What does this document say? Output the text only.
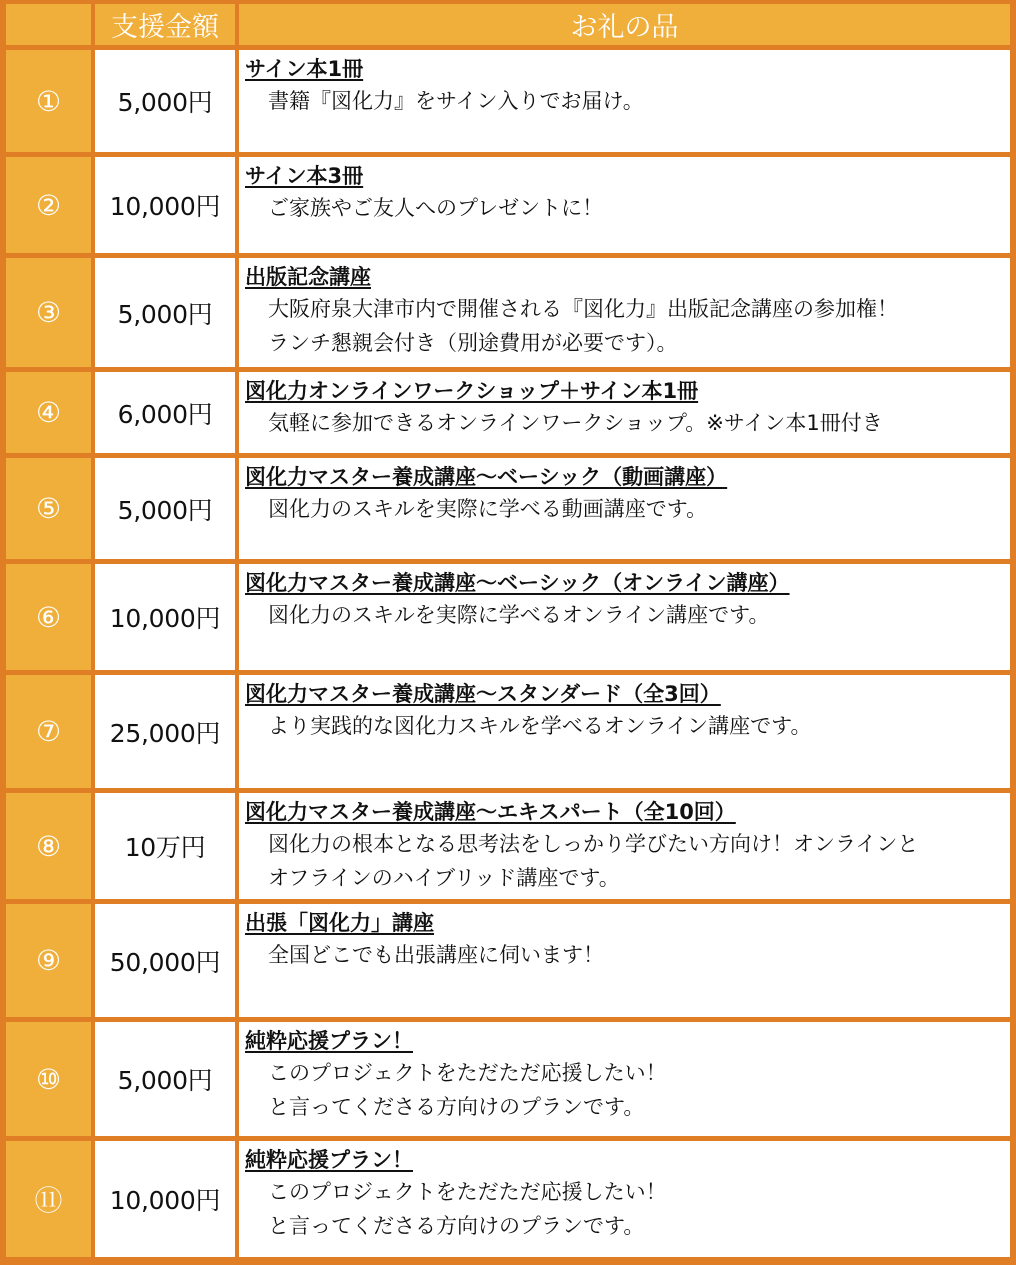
支援金額	お礼の品
①	5,000円
サイン本1冊
書籍『図化力』をサイン入りでお届け。
②	10,000円
サイン本3冊
ご家族やご友人へのプレゼントに！
③	5,000円
出版記念講座
大阪府泉大津市内で開催される『図化力』出版記念講座の参加権！
ランチ懇親会付き（別途費用が必要です）。
④	6,000円
図化力オンラインワークショップ＋サイン本1冊
気軽に参加できるオンラインワークショップ。※サイン本1冊付き
⑤	5,000円
図化力マスター養成講座〜ベーシック（動画講座）
図化力のスキルを実際に学べる動画講座です。
⑥	10,000円
図化力マスター養成講座〜ベーシック（オンライン講座）
図化力のスキルを実際に学べるオンライン講座です。
⑦	25,000円
図化力マスター養成講座〜スタンダード（全3回）
より実践的な図化力スキルを学べるオンライン講座です。
⑧	10万円
図化力マスター養成講座〜エキスパート（全10回）
図化力の根本となる思考法をしっかり学びたい方向け！オンラインと
オフラインのハイブリッド講座です。
⑨	50,000円
出張「図化力」講座
全国どこでも出張講座に伺います！
⑩	5,000円
純粋応援プラン！
このプロジェクトをただただ応援したい！
と言ってくださる方向けのプランです。
⑪	10,000円
純粋応援プラン！
このプロジェクトをただただ応援したい！
と言ってくださる方向けのプランです。
